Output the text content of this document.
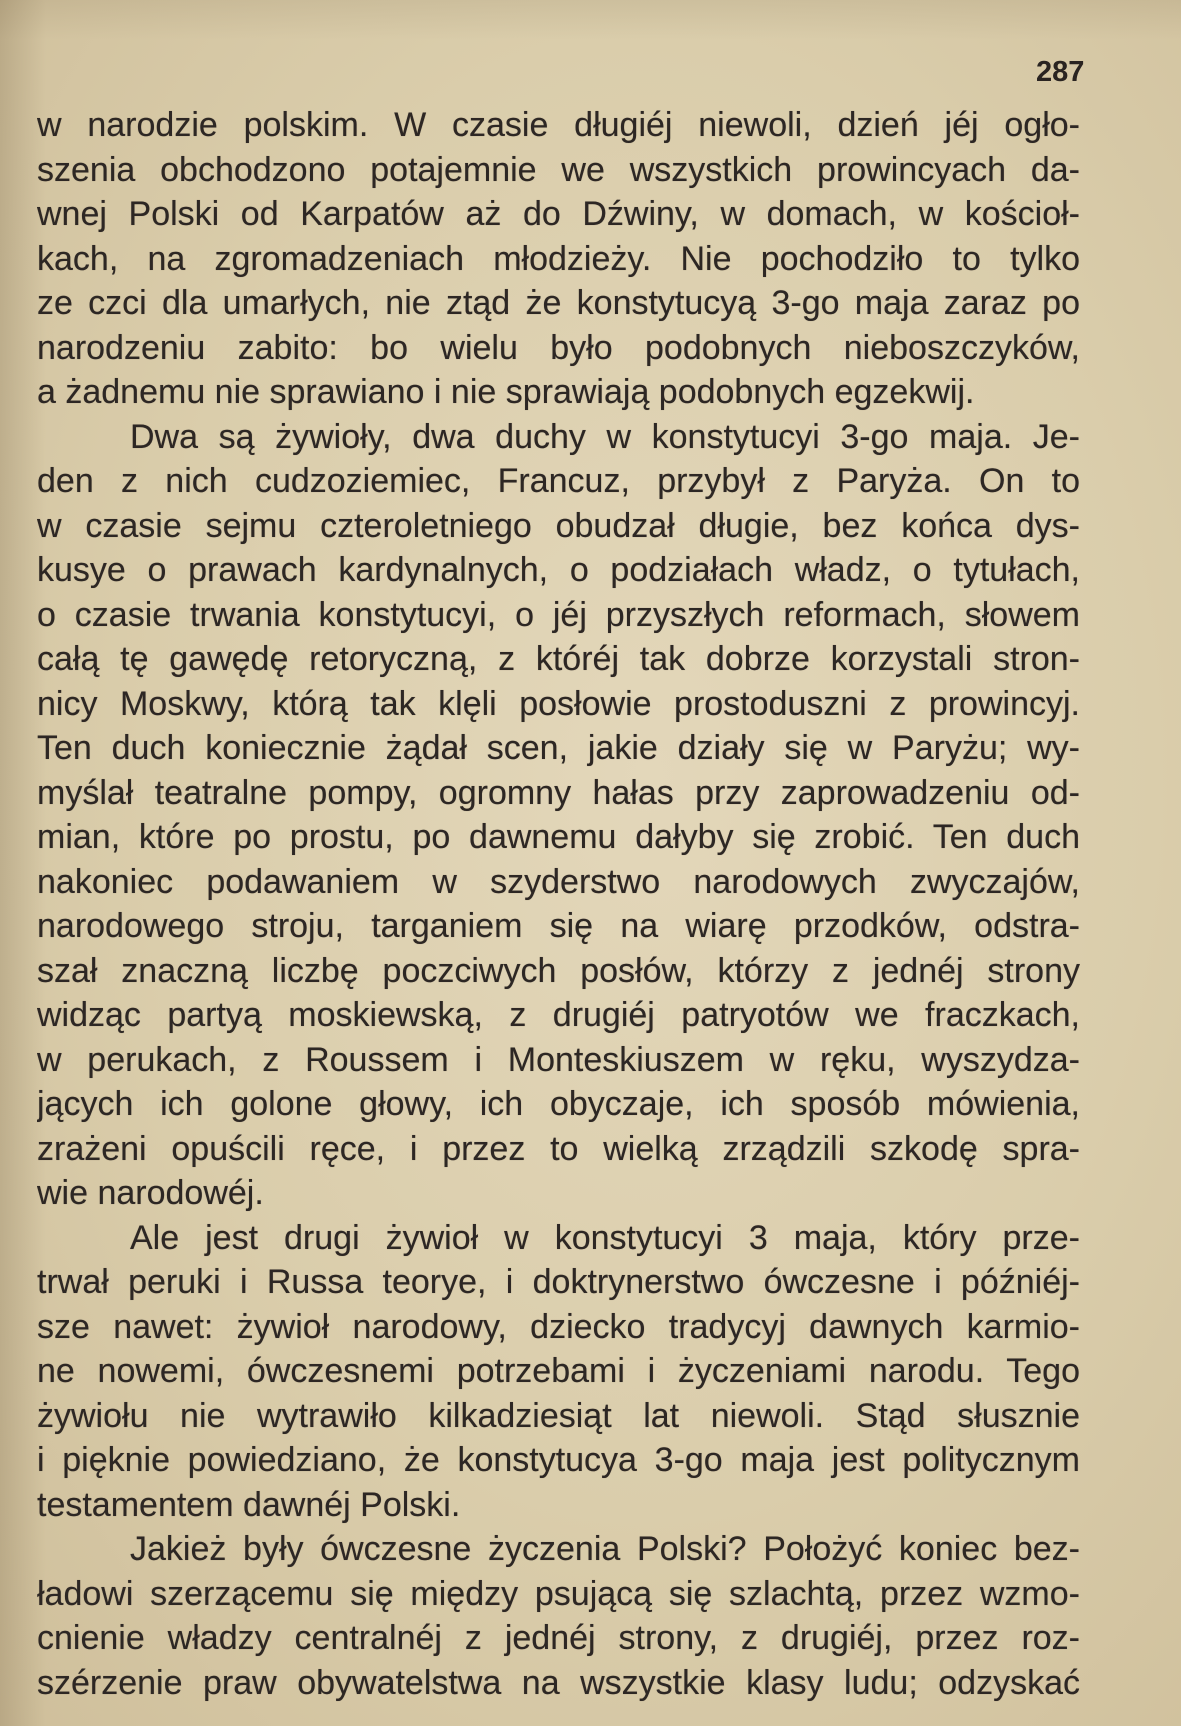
287
w narodzie polskim. W czasie długiéj niewoli, dzień jéj ogło-
szenia obchodzono potajemnie we wszystkich prowincyach da-
wnej Polski od Karpatów aż do Dźwiny, w domach, w kościoł-
kach, na zgromadzeniach młodzieży. Nie pochodziło to tylko
ze czci dla umarłych, nie ztąd że konstytucyą 3-go maja zaraz po
narodzeniu zabito: bo wielu było podobnych nieboszczyków,
a żadnemu nie sprawiano i nie sprawiają podobnych egzekwij.
Dwa są żywioły, dwa duchy w konstytucyi 3-go maja. Je-
den z nich cudzoziemiec, Francuz, przybył z Paryża. On to
w czasie sejmu czteroletniego obudzał długie, bez końca dys-
kusye o prawach kardynalnych, o podziałach władz, o tytułach,
o czasie trwania konstytucyi, o jéj przyszłych reformach, słowem
całą tę gawędę retoryczną, z któréj tak dobrze korzystali stron-
nicy Moskwy, którą tak klęli posłowie prostoduszni z prowincyj.
Ten duch koniecznie żądał scen, jakie działy się w Paryżu; wy-
myślał teatralne pompy, ogromny hałas przy zaprowadzeniu od-
mian, które po prostu, po dawnemu dałyby się zrobić. Ten duch
nakoniec podawaniem w szyderstwo narodowych zwyczajów,
narodowego stroju, targaniem się na wiarę przodków, odstra-
szał znaczną liczbę poczciwych posłów, którzy z jednéj strony
widząc partyą moskiewską, z drugiéj patryotów we fraczkach,
w perukach, z Roussem i Monteskiuszem w ręku, wyszydza-
jących ich golone głowy, ich obyczaje, ich sposób mówienia,
zrażeni opuścili ręce, i przez to wielką zrządzili szkodę spra-
wie narodowéj.
Ale jest drugi żywioł w konstytucyi 3 maja, który prze-
trwał peruki i Russa teorye, i doktrynerstwo ówczesne i późniéj-
sze nawet: żywioł narodowy, dziecko tradycyj dawnych karmio-
ne nowemi, ówczesnemi potrzebami i życzeniami narodu. Tego
żywiołu nie wytrawiło kilkadziesiąt lat niewoli. Stąd słusznie
i pięknie powiedziano, że konstytucya 3-go maja jest politycznym
testamentem dawnéj Polski.
Jakież były ówczesne życzenia Polski? Położyć koniec bez-
ładowi szerzącemu się między psującą się szlachtą, przez wzmo-
cnienie władzy centralnéj z jednéj strony, z drugiéj, przez roz-
szérzenie praw obywatelstwa na wszystkie klasy ludu; odzyskać
